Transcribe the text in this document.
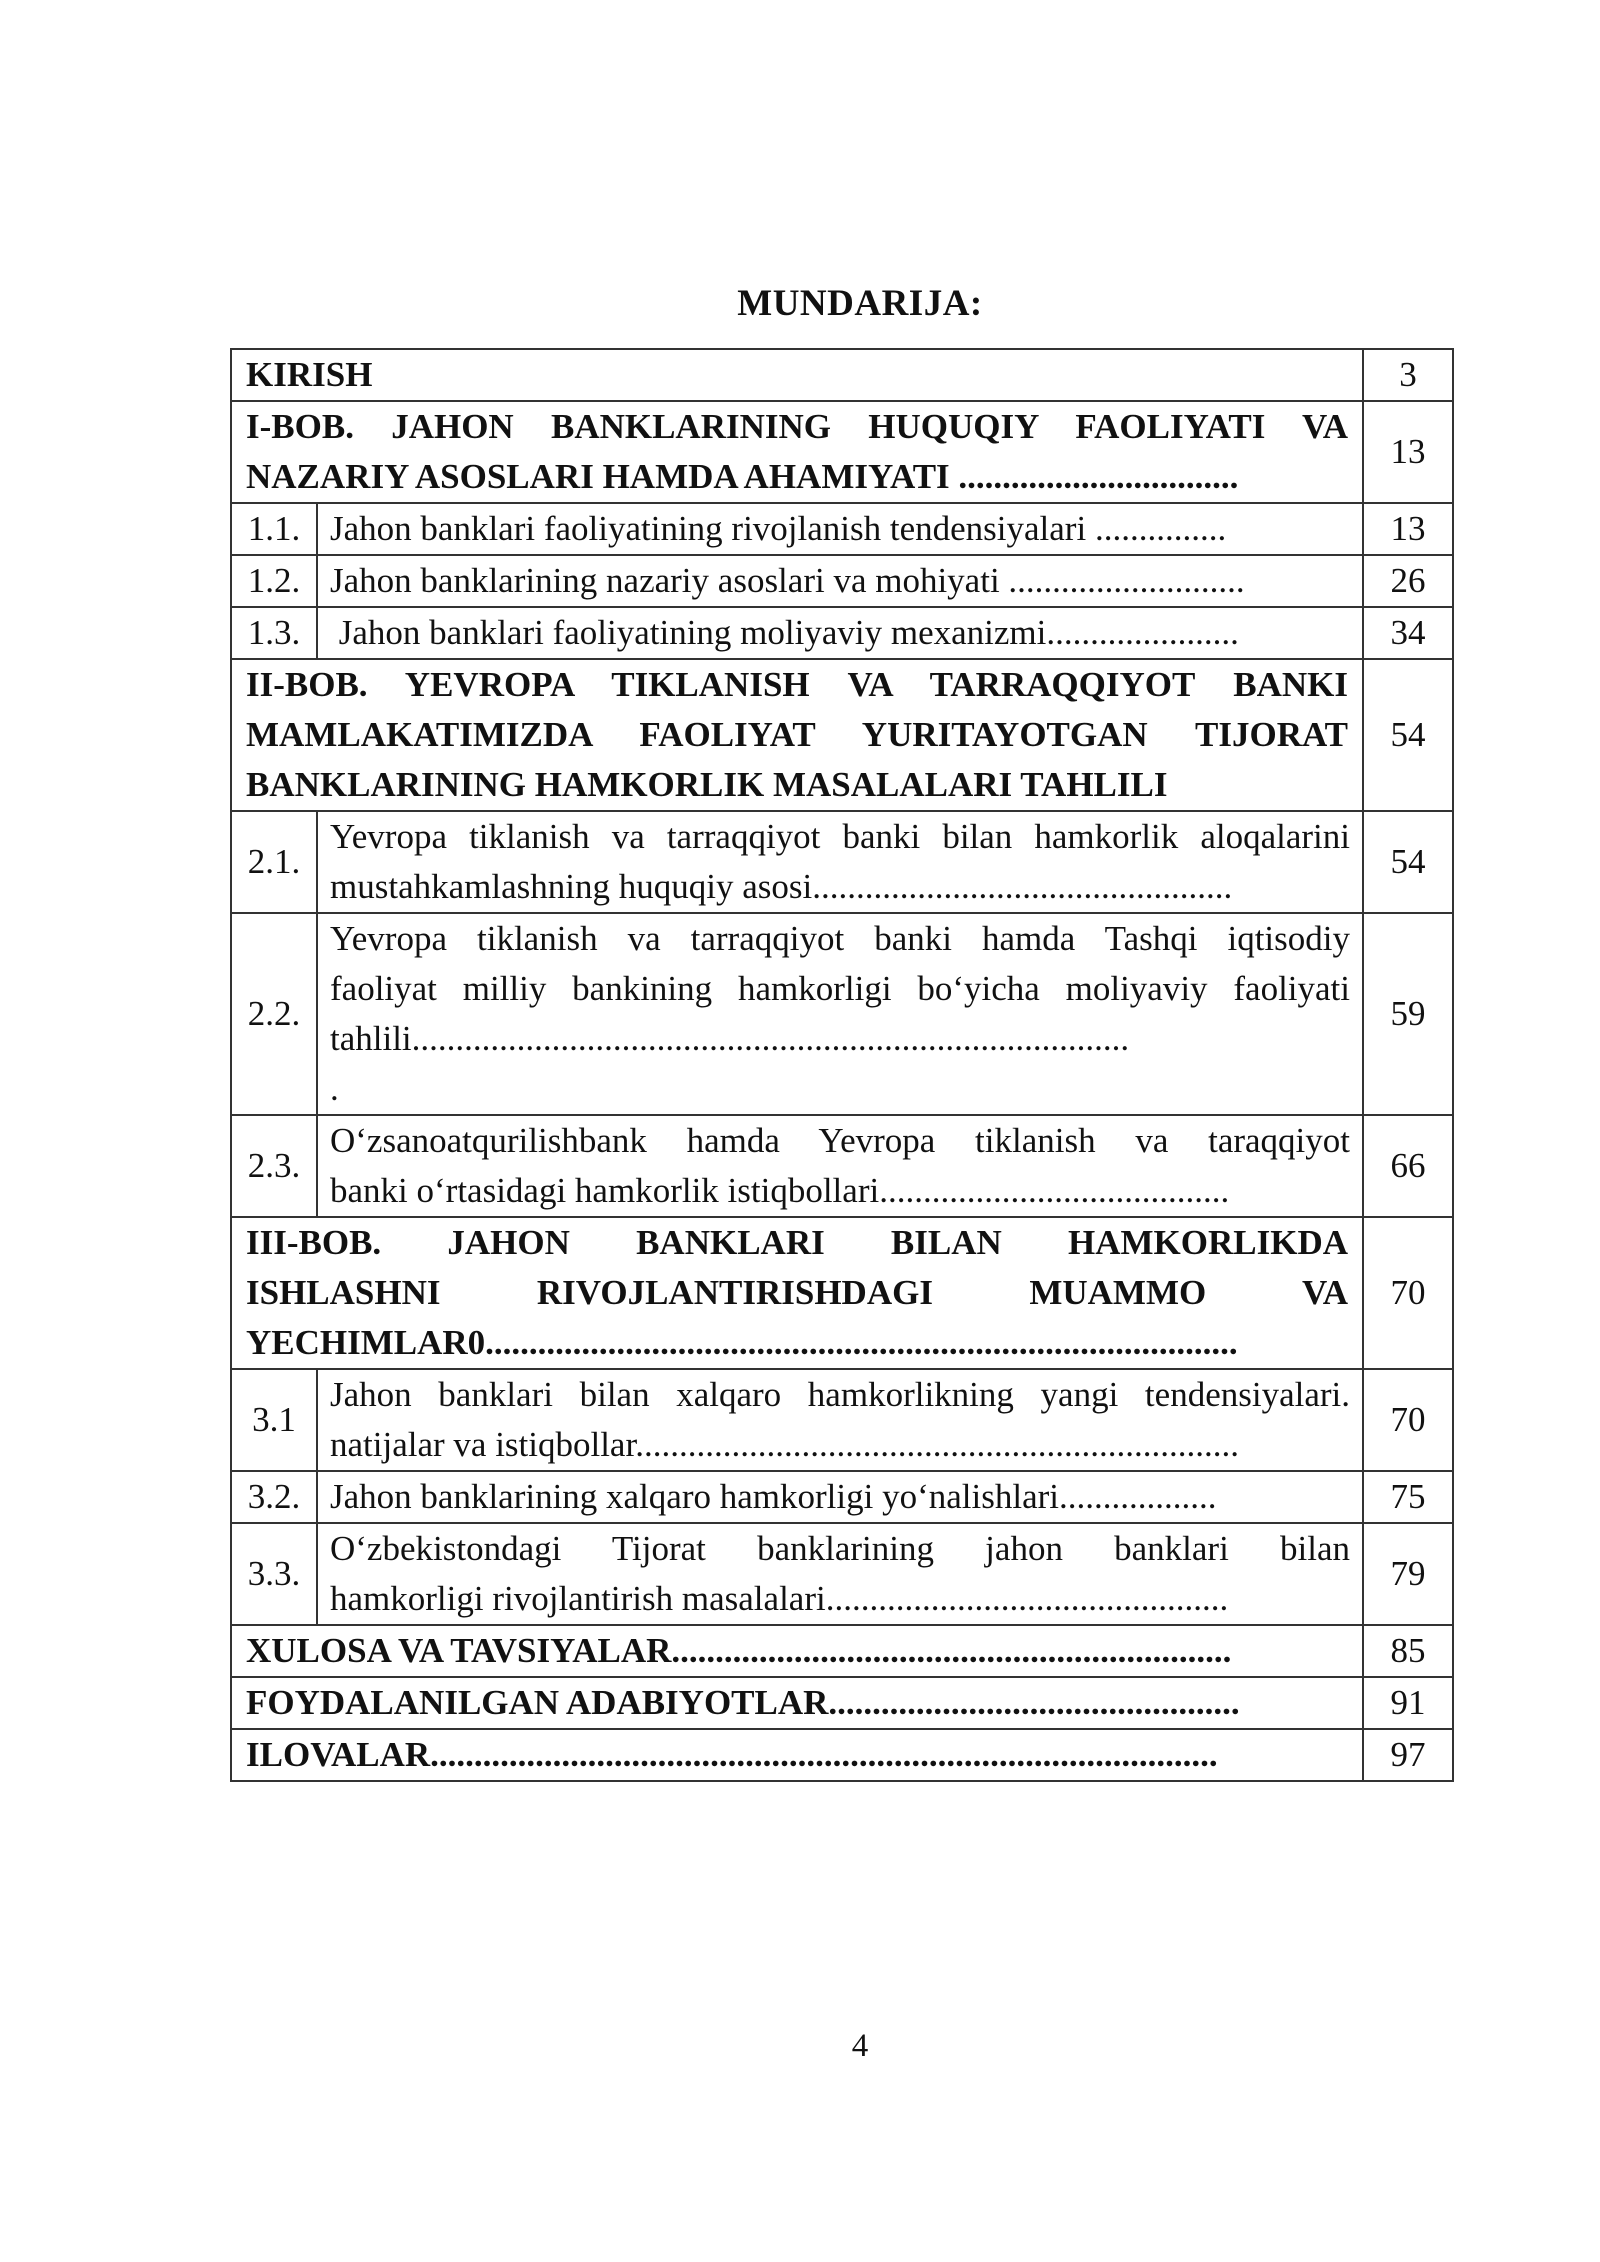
MUNDARIJA:
KIRISH		3

I-BOB. JAHON BANKLARINING HUQUQIY FAOLIYATI VA
NAZARIY ASOSLARI HAMDA AHAMIYATI ................................		13
1.1.	Jahon banklari faoliyatining rivojlanish tendensiyalari ...............	13
1.2.	Jahon banklarining nazariy asoslari va mohiyati ...........................	26
1.3.	Jahon banklari faoliyatining moliyaviy mexanizmi......................	34

II-BOB. YEVROPA TIKLANISH VA TARRAQQIYOT BANKI
MAMLAKATIMIZDA FAOLIYAT YURITAYOTGAN TIJORAT
BANKLARINING HAMKORLIK MASALALARI TAHLILI		54
2.1.	Yevropa tiklanish va tarraqqiyot banki bilan hamkorlik aloqalarini
mustahkamlashning huquqiy asosi................................................	54
2.2.	Yevropa tiklanish va tarraqqiyot banki hamda Tashqi iqtisodiy
faoliyat milliy bankining hamkorligi bo‘yicha moliyaviy faoliyati
tahlili..................................................................................
.	59
2.3.	O‘zsanoatqurilishbank hamda Yevropa tiklanish va taraqqiyot
banki o‘rtasidagi hamkorlik istiqbollari........................................	66

III-BOB. JAHON BANKLARI BILAN HAMKORLIKDA
ISHLASHNI RIVOJLANTIRISHDAGI MUAMMO VA
YECHIMLAR0......................................................................................		70
3.1	Jahon banklari bilan xalqaro hamkorlikning yangi tendensiyalari.
natijalar va istiqbollar.....................................................................	70
3.2.	Jahon banklarining xalqaro hamkorligi yo‘nalishlari..................	75
3.3.	O‘zbekistondagi Tijorat banklarining jahon banklari bilan
hamkorligi rivojlantirish masalalari..............................................	79
XULOSA VA TAVSIYALAR................................................................		85
FOYDALANILGAN ADABIYOTLAR...............................................		91
ILOVALAR..........................................................................................		97
4
